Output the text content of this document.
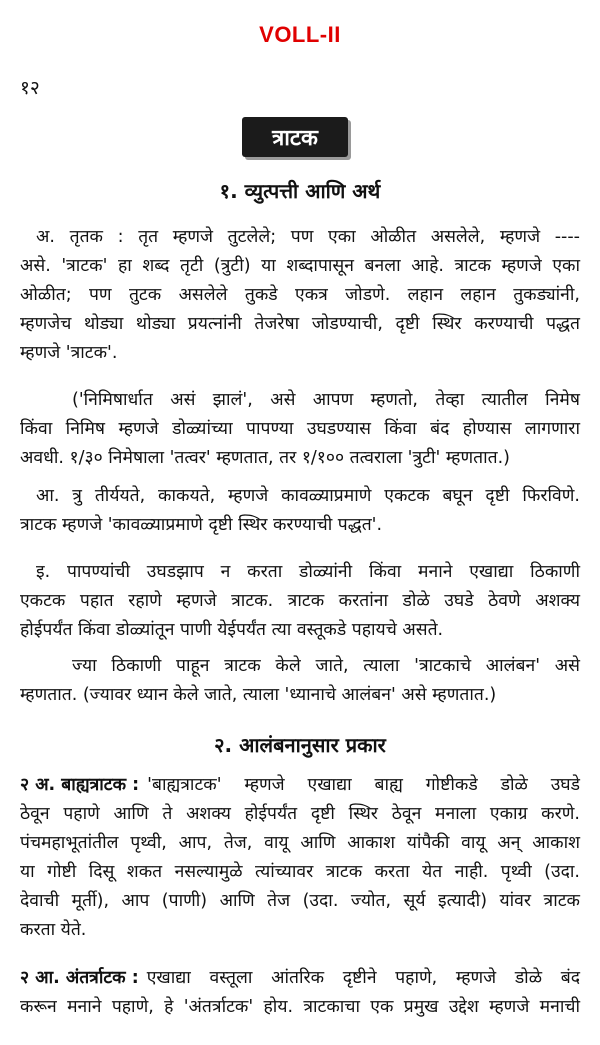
VOLL-II
१२
त्राटक
१. व्युत्पत्ती आणि अर्थ
अ. तृतक : तृत म्हणजे तुटलेले; पण एका ओळीत असलेले, म्हणजे ----
असे. 'त्राटक' हा शब्द तृटी (त्रुटी) या शब्दापासून बनला आहे. त्राटक म्हणजे एका
ओळीत; पण तुटक असलेले तुकडे एकत्र जोडणे. लहान लहान तुकड्यांनी,
म्हणजेच थोड्या थोड्या प्रयत्नांनी तेजरेषा जोडण्याची, दृष्टी स्थिर करण्याची पद्धत
म्हणजे 'त्राटक'.
('निमिषार्धात असं झालं', असे आपण म्हणतो, तेव्हा त्यातील निमेष
किंवा निमिष म्हणजे डोळ्यांच्या पापण्या उघडण्यास किंवा बंद होण्यास लागणारा
अवधी. १/३० निमेषाला 'तत्वर' म्हणतात, तर १/१०० तत्वराला 'त्रुटी' म्हणतात.)
आ. त्रु तीर्ययते, काकयते, म्हणजे कावळ्याप्रमाणे एकटक बघून दृष्टी फिरविणे.
त्राटक म्हणजे 'कावळ्याप्रमाणे दृष्टी स्थिर करण्याची पद्धत'.
इ. पापण्यांची उघडझाप न करता डोळ्यांनी किंवा मनाने एखाद्या ठिकाणी
एकटक पहात रहाणे म्हणजे त्राटक. त्राटक करतांना डोळे उघडे ठेवणे अशक्य
होईपर्यंत किंवा डोळ्यांतून पाणी येईपर्यंत त्या वस्तूकडे पहायचे असते.
ज्या ठिकाणी पाहून त्राटक केले जाते, त्याला 'त्राटकाचे आलंबन' असे
म्हणतात. (ज्यावर ध्यान केले जाते, त्याला 'ध्यानाचे आलंबन' असे म्हणतात.)
२. आलंबनानुसार प्रकार
२ अ. बाह्यत्राटक : 'बाह्यत्राटक' म्हणजे एखाद्या बाह्य गोष्टीकडे डोळे उघडे
ठेवून पहाणे आणि ते अशक्य होईपर्यंत दृष्टी स्थिर ठेवून मनाला एकाग्र करणे.
पंचमहाभूतांतील पृथ्वी, आप, तेज, वायू आणि आकाश यांपैकी वायू अन् आकाश
या गोष्टी दिसू शकत नसल्यामुळे त्यांच्यावर त्राटक करता येत नाही. पृथ्वी (उदा.
देवाची मूर्ती), आप (पाणी) आणि तेज (उदा. ज्योत, सूर्य इत्यादी) यांवर त्राटक
करता येते.
२ आ. अंतर्त्राटक : एखाद्या वस्तूला आंतरिक दृष्टीने पहाणे, म्हणजे डोळे बंद
करून मनाने पहाणे, हे 'अंतर्त्राटक' होय. त्राटकाचा एक प्रमुख उद्देश म्हणजे मनाची
